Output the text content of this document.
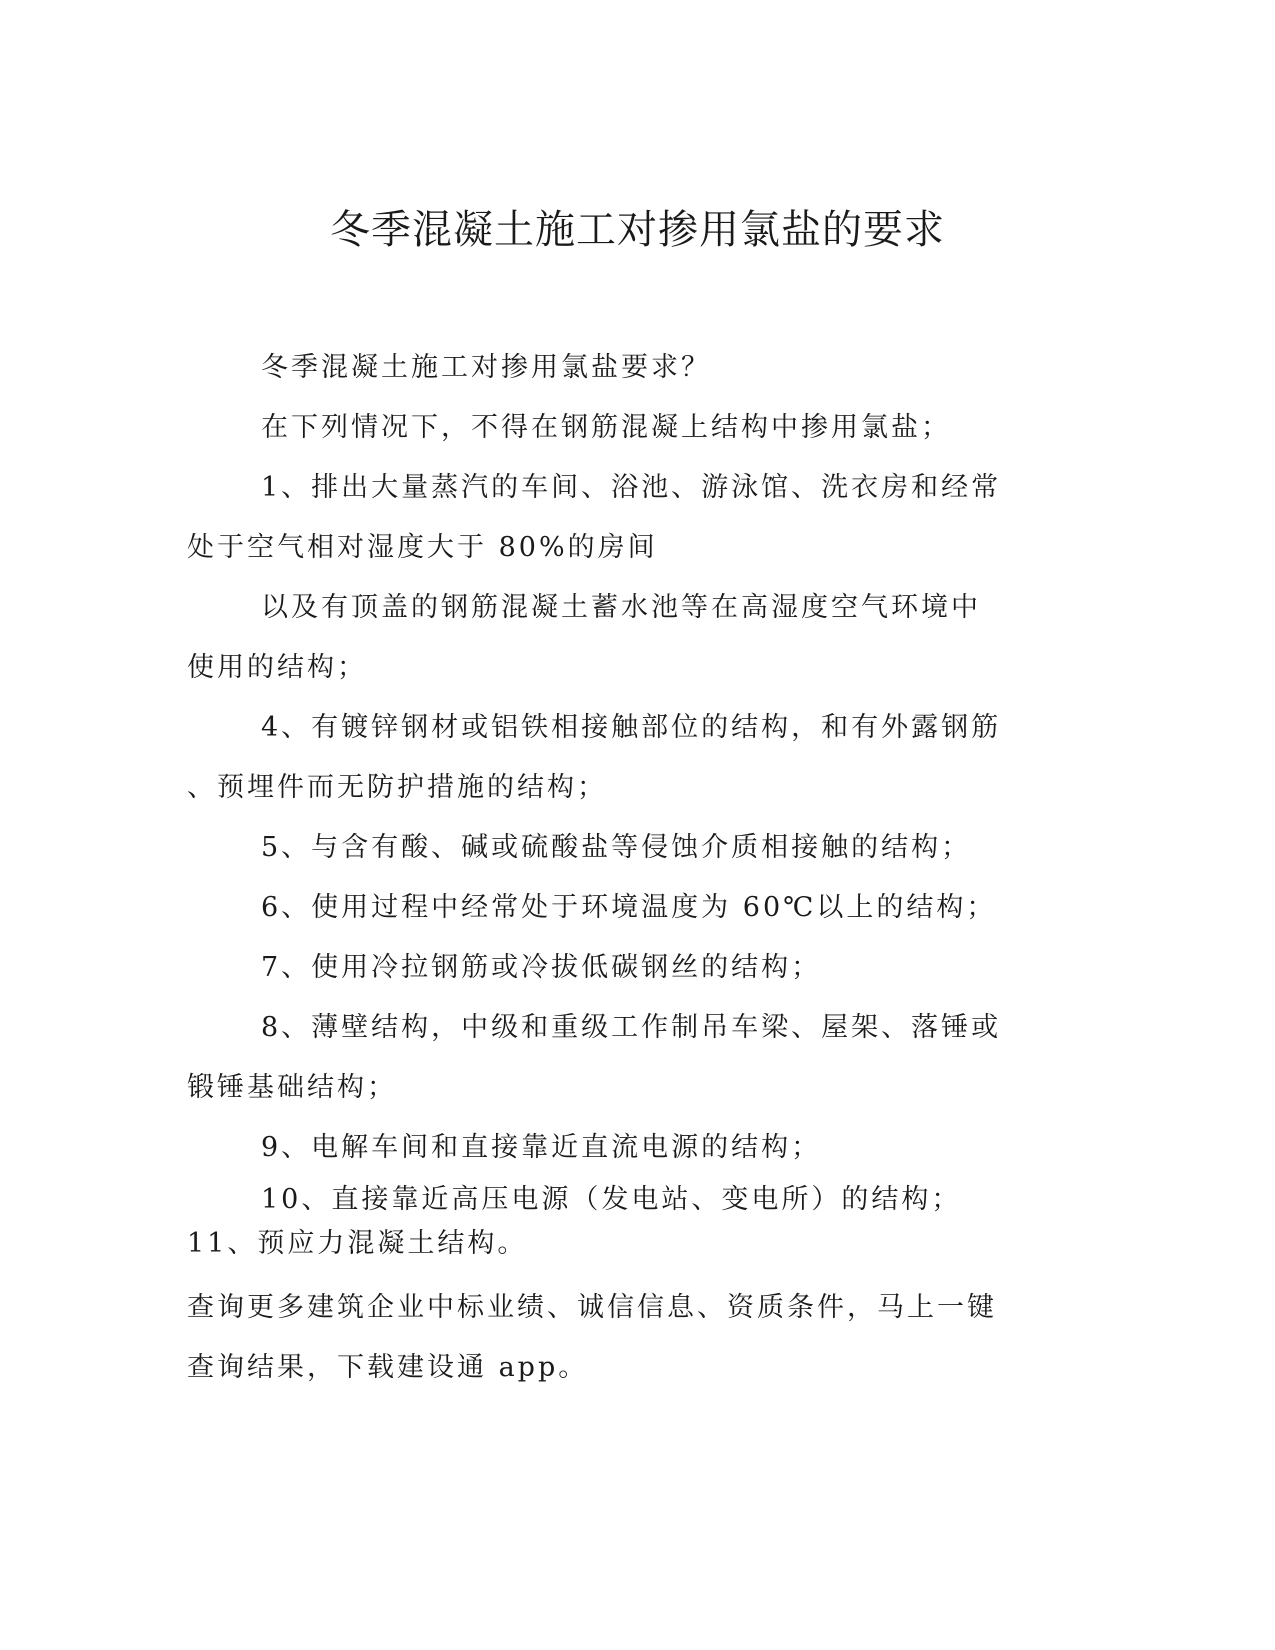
冬季混凝土施工对掺用氯盐的要求

冬季混凝土施工对掺用氯盐要求？

在下列情况下，不得在钢筋混凝上结构中掺用氯盐；

1、排出大量蒸汽的车间、浴池、游泳馆、洗衣房和经常
处于空气相对湿度大于 80%的房间

以及有顶盖的钢筋混凝土蓄水池等在高湿度空气环境中
使用的结构；

4、有镀锌钢材或铝铁相接触部位的结构，和有外露钢筋
、预埋件而无防护措施的结构；

5、与含有酸、碱或硫酸盐等侵蚀介质相接触的结构；

6、使用过程中经常处于环境温度为 60℃以上的结构；

7、使用冷拉钢筋或冷拔低碳钢丝的结构；

8、薄壁结构，中级和重级工作制吊车梁、屋架、落锤或
锻锤基础结构；

9、电解车间和直接靠近直流电源的结构；

10、直接靠近高压电源（发电站、变电所）的结构；

11、预应力混凝土结构。

查询更多建筑企业中标业绩、诚信信息、资质条件，马上一键
查询结果，下载建设通 app。
